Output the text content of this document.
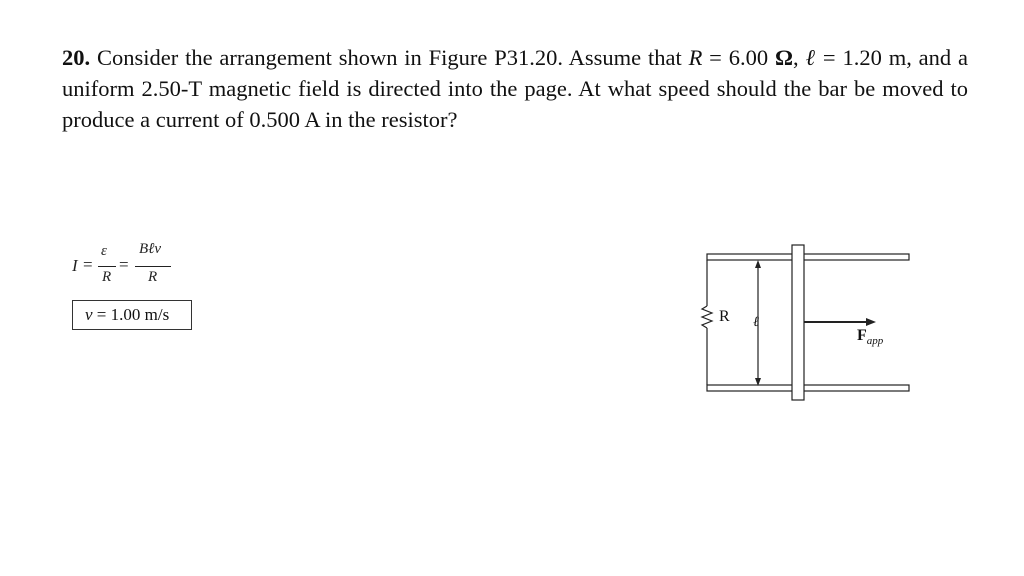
20. Consider the arrangement shown in Figure P31.20. Assume that R = 6.00 Ω, ℓ = 1.20 m, and a uniform 2.50-T magnetic field is directed into the page. At what speed should the bar be moved to produce a current of 0.500 A in the resistor?
I =
ε
R
=
Bℓv
R
v = 1.00 m/s	R ℓ
$F_{app}$
